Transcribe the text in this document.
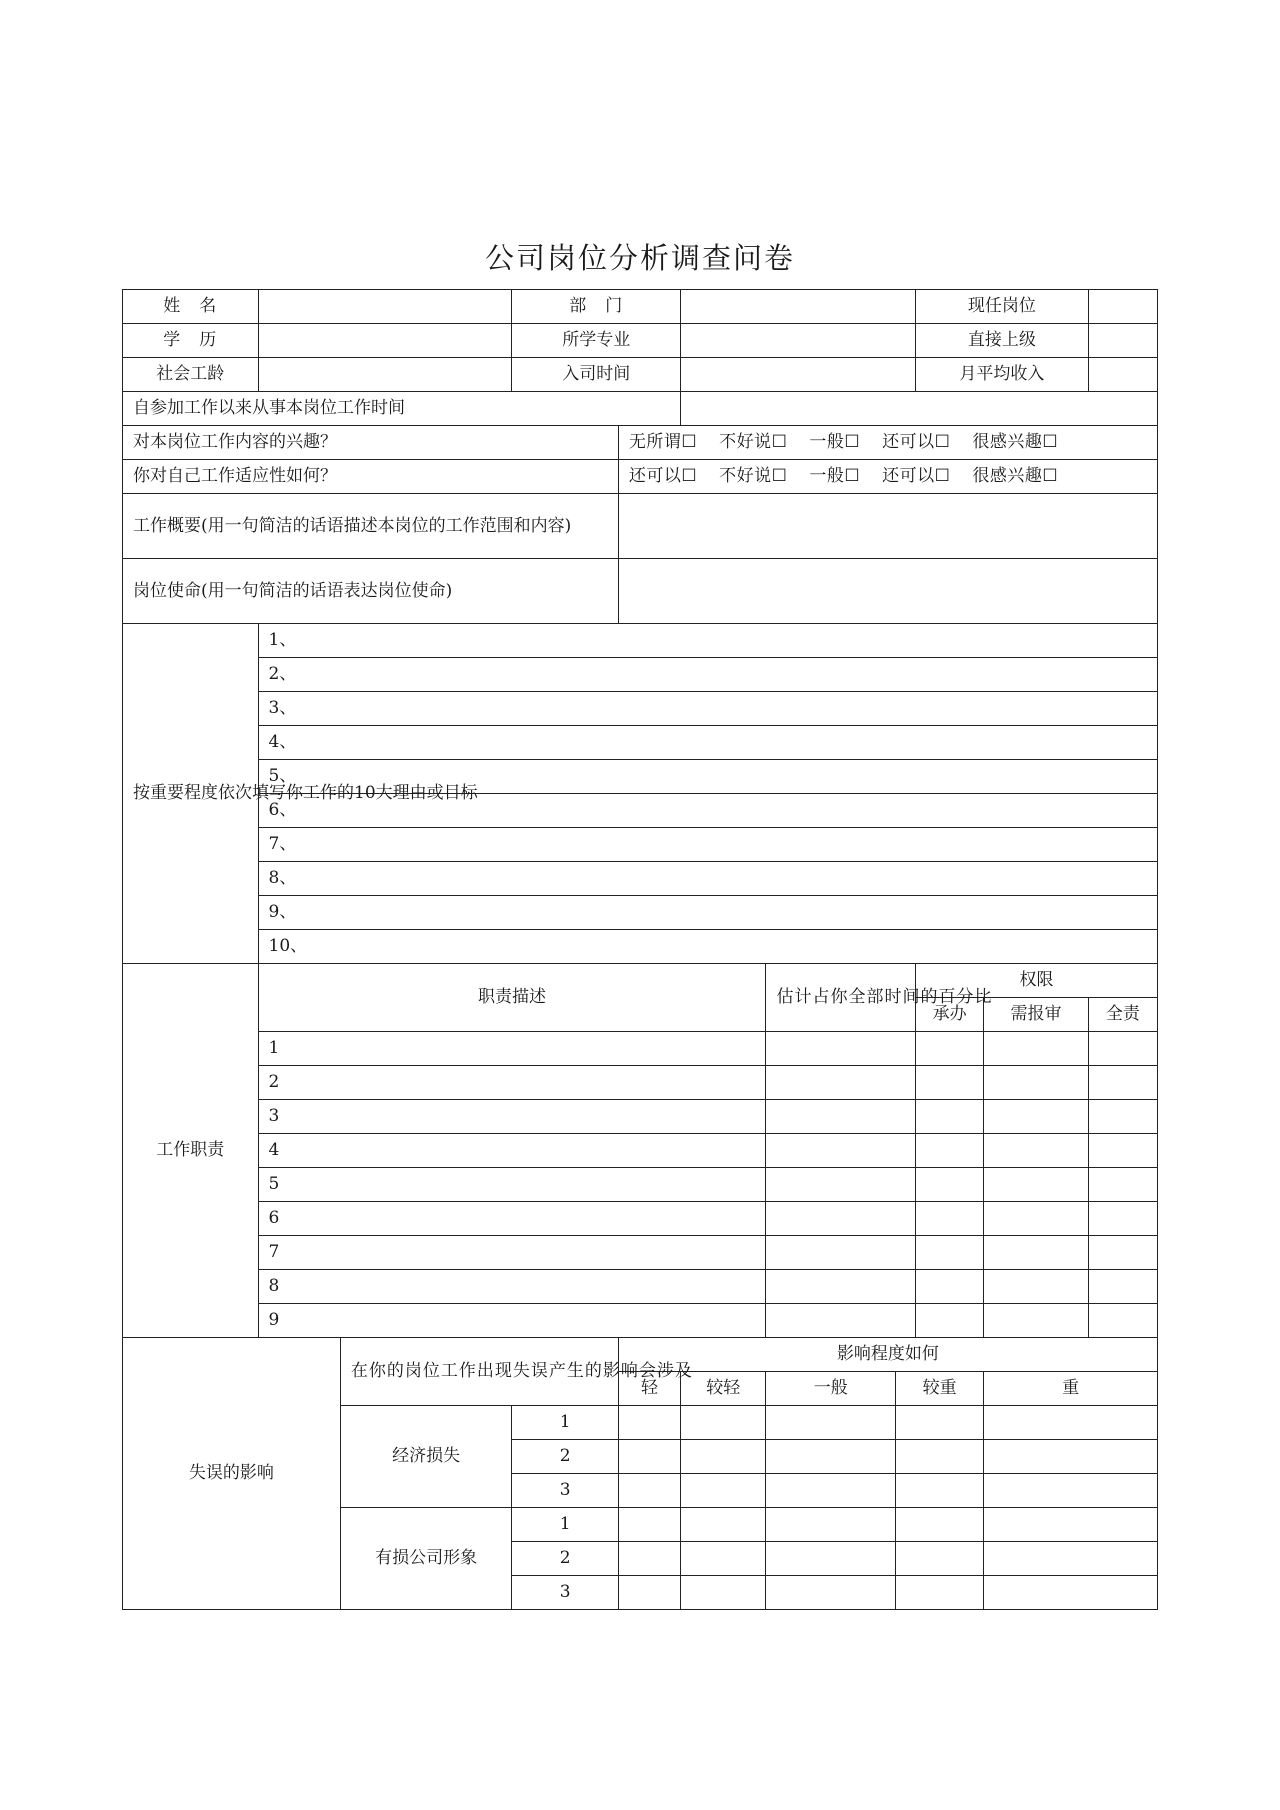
公司岗位分析调查问卷
姓　名			部　门					现任岗位		
学　历			所学专业					直接上级		
社会工龄			入司时间					月平均收入		
自参加工作以来从事本岗位工作时间										
对本岗位工作内容的兴趣？				无所谓☐ 不好说☐ 一般☐ 还可以☐ 很感兴趣☐						
你对自己工作适应性如何？				还可以☐ 不好说☐ 一般☐ 还可以☐ 很感兴趣☐						
工作概要(用一句简洁的话语描述本岗位的工作范围和内容)										
岗位使命(用一句简洁的话语表达岗位使命)										
按重要程度依次填写你工作的10大理由或目标	1、									
	2、									
	3、									
	4、									
	5、									
	6、									
	7、									
	8、									
	9、									
	10、									
工作职责	职责描述					估计占你全部时间的百分比		权限		
								承办	需报审	全责
	1									
	2									
	3									
	4									
	5									
	6									
	7									
	8									
	9									
失误的影响		在你的岗位工作出现失误产生的影响会涉及		影响程度如何						
				轻	较轻	一般	较重		重	
		经济损失	1							
			2							
			3							
		有损公司形象	1							
			2							
			3							
